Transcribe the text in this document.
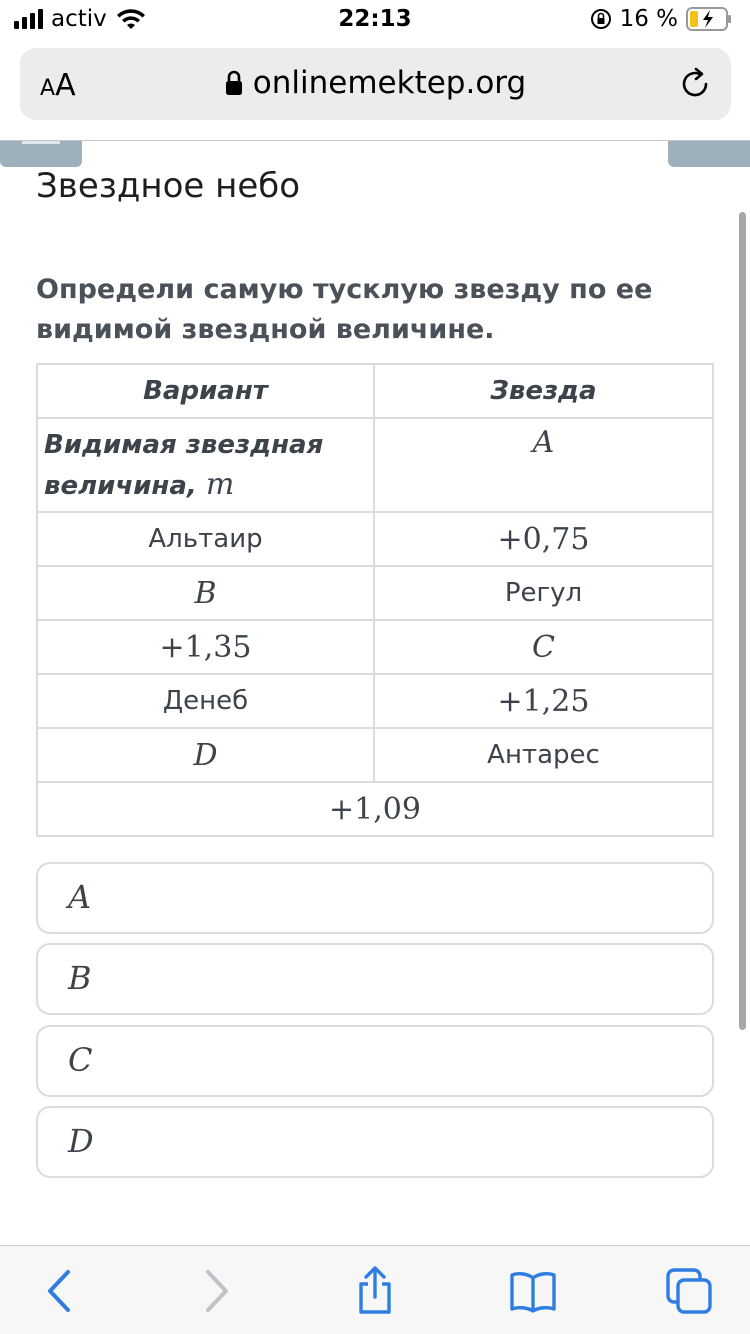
activ	22:13	16 %
AA	onlinemektep.org
Звездное небо

Определи самую тусклую звезду по ее видимой звездной величине.

Вариант	Звезда
Видимая звездная величина, m	A
Альтаир	+0,75
B	Регул
+1,35	C
Денеб	+1,25
D	Антарес
+1,09	
A
B
C
D
